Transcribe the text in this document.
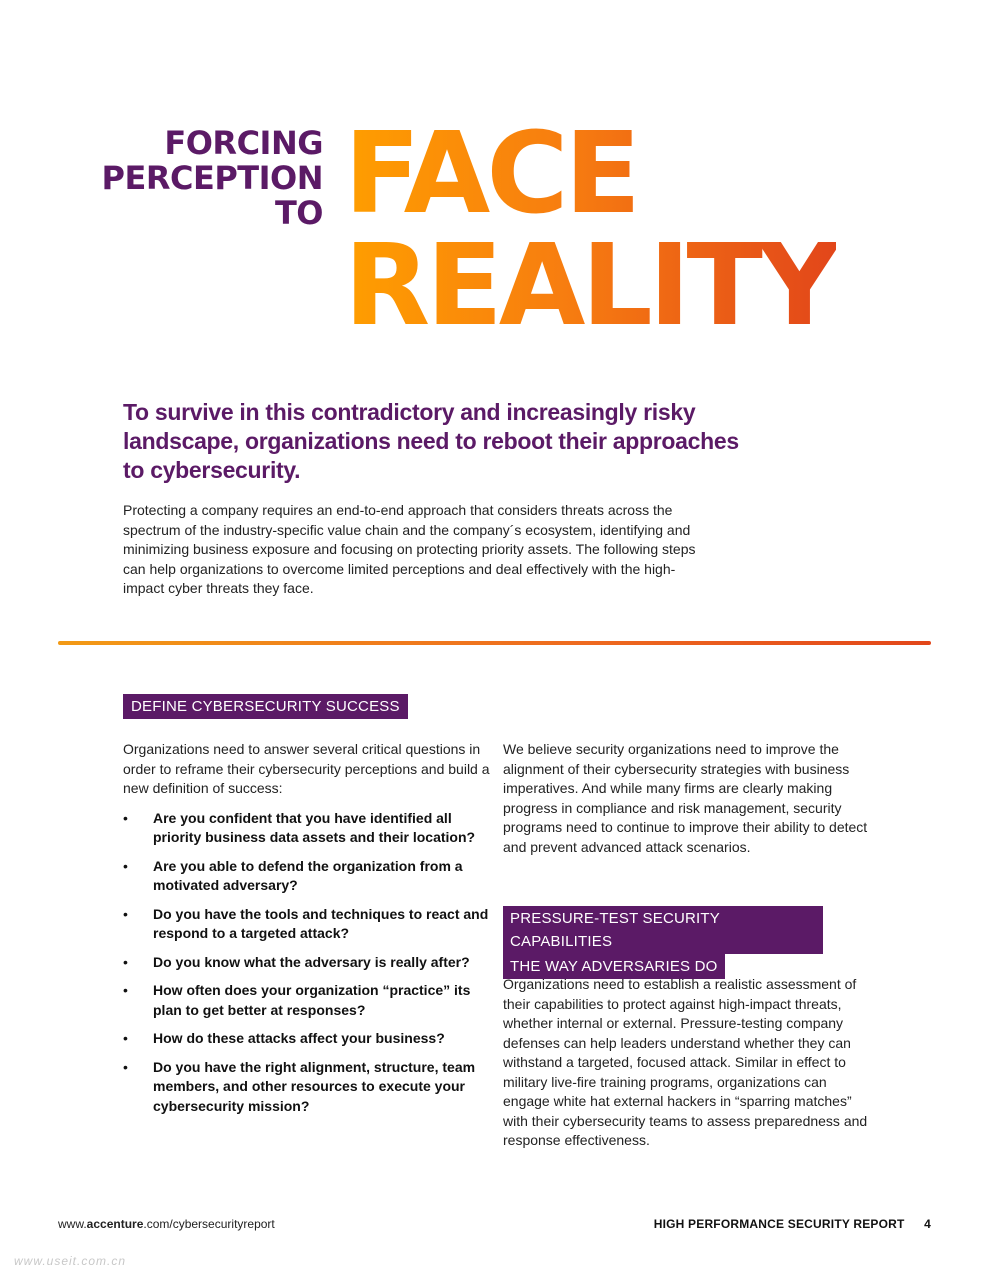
FORCING
PERCEPTION
TO FACE
REALITY
To survive in this contradictory and increasingly risky landscape, organizations need to reboot their approaches to cybersecurity.
Protecting a company requires an end-to-end approach that considers threats across the spectrum of the industry-specific value chain and the company´s ecosystem, identifying and minimizing business exposure and focusing on protecting priority assets. The following steps can help organizations to overcome limited perceptions and deal effectively with the high-impact cyber threats they face.
DEFINE CYBERSECURITY SUCCESS

Organizations need to answer several critical questions in order to reframe their cybersecurity perceptions and build a new definition of success:

• Are you confident that you have identified all priority business data assets and their location?
• Are you able to defend the organization from a motivated adversary?
• Do you have the tools and techniques to react and respond to a targeted attack?
• Do you know what the adversary is really after?
• How often does your organization “practice” its plan to get better at responses?
• How do these attacks affect your business?
• Do you have the right alignment, structure, team members, and other resources to execute your cybersecurity mission?

We believe security organizations need to improve the alignment of their cybersecurity strategies with business imperatives. And while many firms are clearly making progress in compliance and risk management, security programs need to continue to improve their ability to detect and prevent advanced attack scenarios.

PRESSURE-TEST SECURITY CAPABILITIES
THE WAY ADVERSARIES DO
Organizations need to establish a realistic assessment of their capabilities to protect against high-impact threats, whether internal or external. Pressure-testing company defenses can help leaders understand whether they can withstand a targeted, focused attack. Similar in effect to military live-fire training programs, organizations can engage white hat external hackers in “sparring matches” with their cybersecurity teams to assess preparedness and response effectiveness.
www.accenture.com/cybersecurityreport	HIGH PERFORMANCE SECURITY REPORT 4
www.useit.com.cn
